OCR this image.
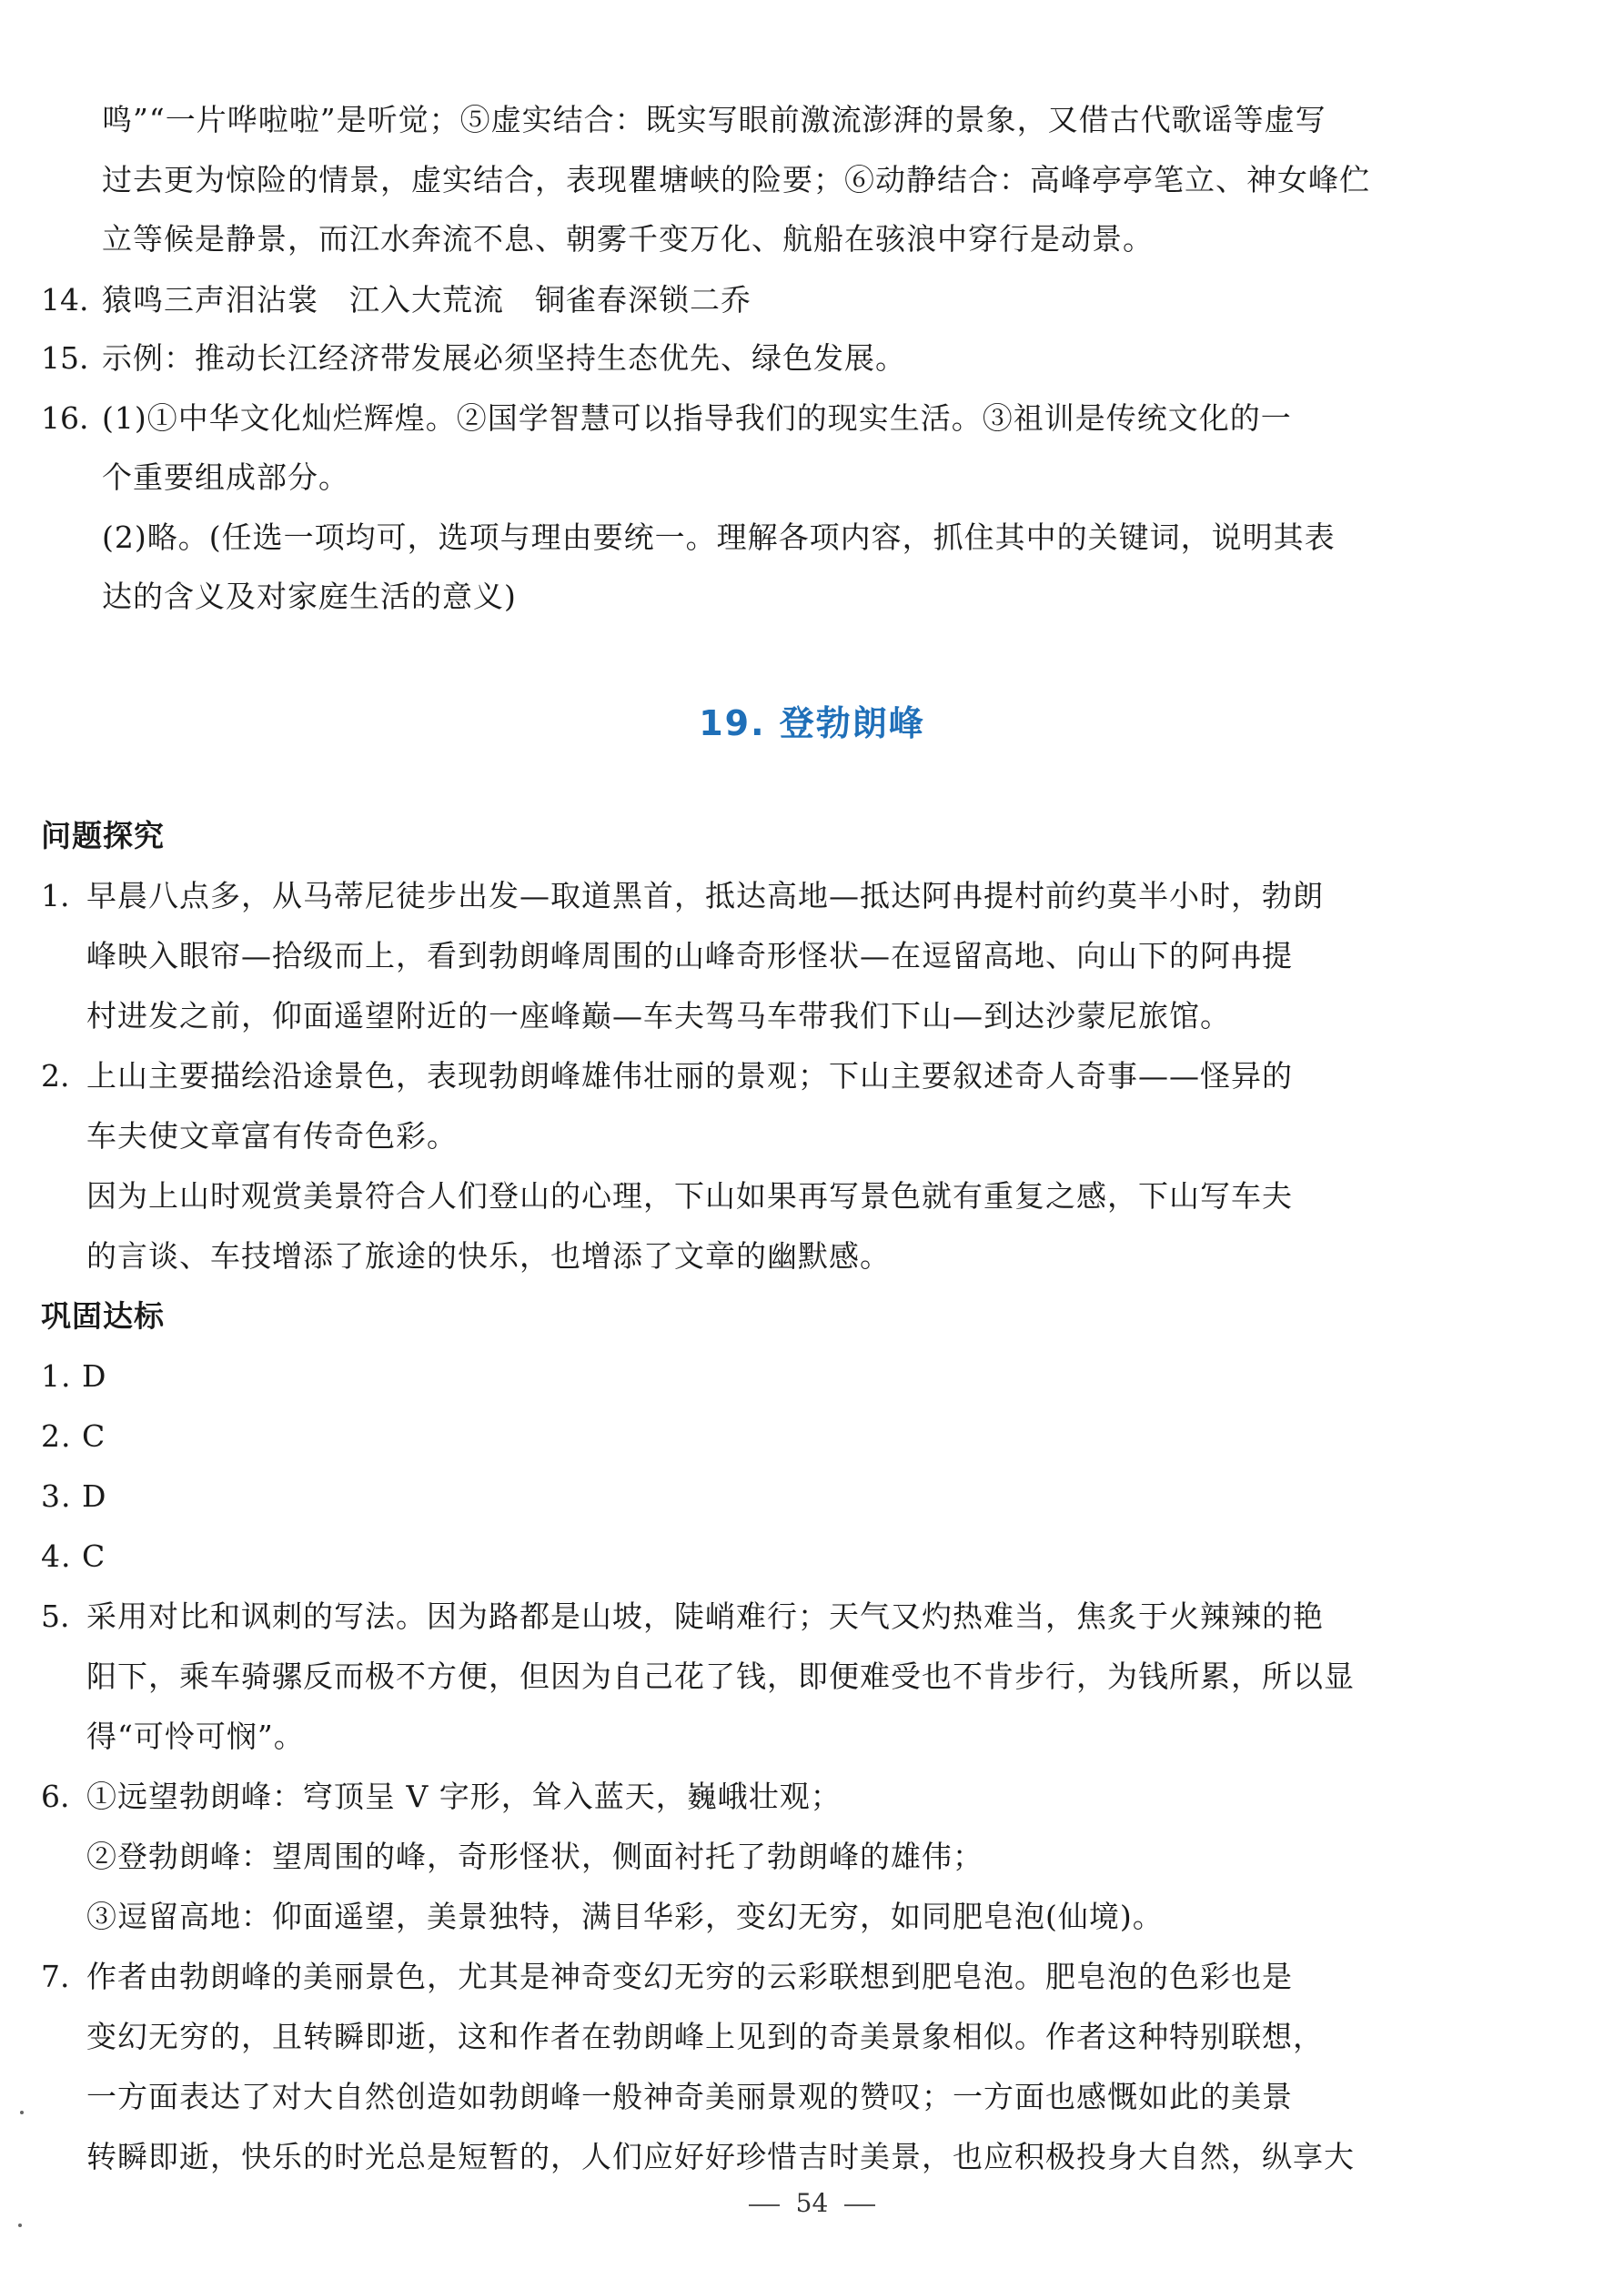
鸣”“一片哗啦啦”是听觉；⑤虚实结合：既实写眼前激流澎湃的景象，又借古代歌谣等虚写
过去更为惊险的情景，虚实结合，表现瞿塘峡的险要；⑥动静结合：高峰亭亭笔立、神女峰伫
立等候是静景，而江水奔流不息、朝雾千变万化、航船在骇浪中穿行是动景。
14. 猿鸣三声泪沾裳　江入大荒流　铜雀春深锁二乔
15. 示例：推动长江经济带发展必须坚持生态优先、绿色发展。
16. (1)①中华文化灿烂辉煌。②国学智慧可以指导我们的现实生活。③祖训是传统文化的一
个重要组成部分。
(2)略。(任选一项均可，选项与理由要统一。理解各项内容，抓住其中的关键词，说明其表
达的含义及对家庭生活的意义)
19. 登勃朗峰
问题探究
1. 早晨八点多，从马蒂尼徒步出发—取道黑首，抵达高地—抵达阿冉提村前约莫半小时，勃朗
峰映入眼帘—拾级而上，看到勃朗峰周围的山峰奇形怪状—在逗留高地、向山下的阿冉提
村进发之前，仰面遥望附近的一座峰巅—车夫驾马车带我们下山—到达沙蒙尼旅馆。
2. 上山主要描绘沿途景色，表现勃朗峰雄伟壮丽的景观；下山主要叙述奇人奇事——怪异的
车夫使文章富有传奇色彩。
因为上山时观赏美景符合人们登山的心理，下山如果再写景色就有重复之感，下山写车夫
的言谈、车技增添了旅途的快乐，也增添了文章的幽默感。
巩固达标
1. D
2. C
3. D
4. C
5. 采用对比和讽刺的写法。因为路都是山坡，陡峭难行；天气又灼热难当，焦炙于火辣辣的艳
阳下，乘车骑骡反而极不方便，但因为自己花了钱，即便难受也不肯步行，为钱所累，所以显
得“可怜可悯”。
6. ①远望勃朗峰：穹顶呈 V 字形，耸入蓝天，巍峨壮观；
②登勃朗峰：望周围的峰，奇形怪状，侧面衬托了勃朗峰的雄伟；
③逗留高地：仰面遥望，美景独特，满目华彩，变幻无穷，如同肥皂泡(仙境)。
7. 作者由勃朗峰的美丽景色，尤其是神奇变幻无穷的云彩联想到肥皂泡。肥皂泡的色彩也是
变幻无穷的，且转瞬即逝，这和作者在勃朗峰上见到的奇美景象相似。作者这种特别联想，
一方面表达了对大自然创造如勃朗峰一般神奇美丽景观的赞叹；一方面也感慨如此的美景
转瞬即逝，快乐的时光总是短暂的，人们应好好珍惜吉时美景，也应积极投身大自然，纵享大
54
